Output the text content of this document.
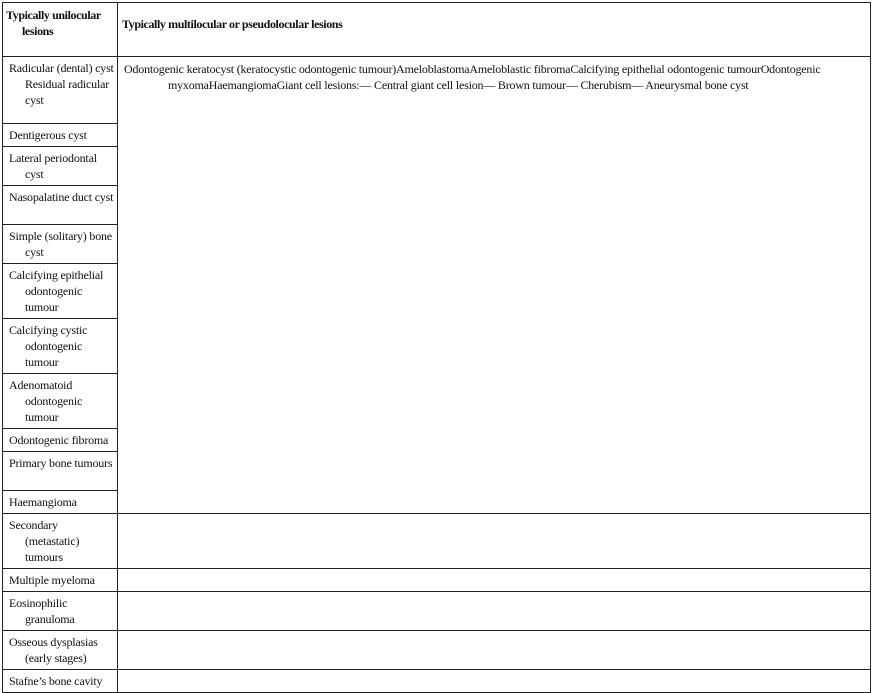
Typically unilocular lesions	Typically multilocular or pseudolocular lesions

Radicular (dental) cyst
Residual radicular cyst	Odontogenic keratocyst (keratocystic odontogenic tumour)AmeloblastomaAmeloblastic fibromaCalcifying epithelial odontogenic tumourOdontogenic myxomaHaemangiomaGiant cell lesions:— Central giant cell lesion— Brown tumour— Cherubism— Aneurysmal bone cyst

Dentigerous cyst	

Lateral periodontal cyst	

Nasopalatine duct cyst	

Simple (solitary) bone cyst	

Calcifying epithelial odontogenic tumour	

Calcifying cystic odontogenic tumour	

Adenomatoid odontogenic tumour	

Odontogenic fibroma	

Primary bone tumours	

Haemangioma	

Secondary (metastatic) tumours	

Multiple myeloma	

Eosinophilic granuloma	

Osseous dysplasias (early stages)	

Stafne’s bone cavity	
